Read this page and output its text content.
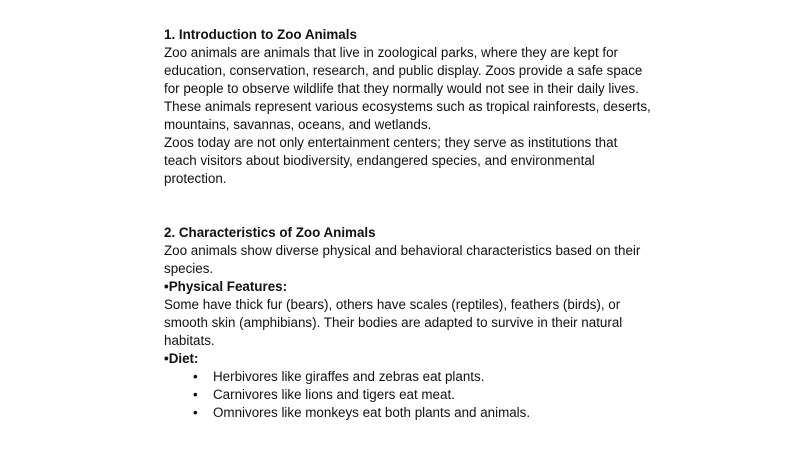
1. Introduction to Zoo Animals
Zoo animals are animals that live in zoological parks, where they are kept for
education, conservation, research, and public display. Zoos provide a safe space
for people to observe wildlife that they normally would not see in their daily lives.
These animals represent various ecosystems such as tropical rainforests, deserts,
mountains, savannas, oceans, and wetlands.
Zoos today are not only entertainment centers; they serve as institutions that
teach visitors about biodiversity, endangered species, and environmental
protection.
2. Characteristics of Zoo Animals
Zoo animals show diverse physical and behavioral characteristics based on their
species.
•Physical Features:
Some have thick fur (bears), others have scales (reptiles), feathers (birds), or
smooth skin (amphibians). Their bodies are adapted to survive in their natural
habitats.
•Diet:
• Herbivores like giraffes and zebras eat plants.
• Carnivores like lions and tigers eat meat.
• Omnivores like monkeys eat both plants and animals.
